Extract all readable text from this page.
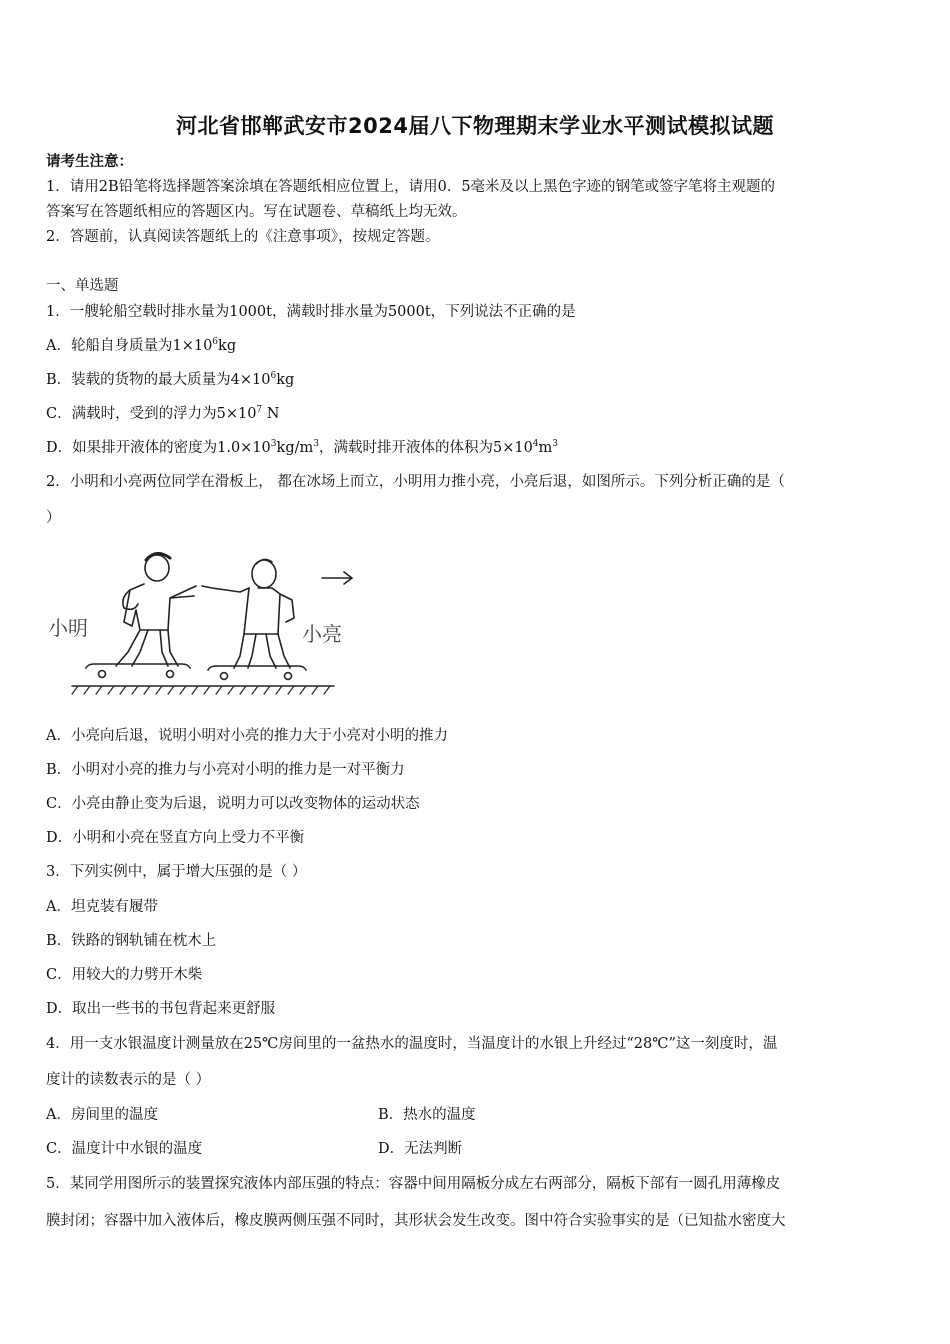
河北省邯郸武安市2024届八下物理期末学业水平测试模拟试题
请考生注意：
1．请用2B铅笔将选择题答案涂填在答题纸相应位置上，请用0．5毫米及以上黑色字迹的钢笔或签字笔将主观题的
答案写在答题纸相应的答题区内。写在试题卷、草稿纸上均无效。
2．答题前，认真阅读答题纸上的《注意事项》，按规定答题。
一、单选题
1．一艘轮船空载时排水量为1000t，满载时排水量为5000t，下列说法不正确的是
A．轮船自身质量为$1\times 10^6kg$
B．装载的货物的最大质量为$4\times 10^6kg$
C．满载时，受到的浮力为$5\times 10^7$ N
D．如果排开液体的密度为$1.0\times 10^3kg/m^3$，满载时排开液体的体积为$5\times 10^4m^3$
2．小明和小亮两位同学在滑板上， 都在冰场上而立，小明用力推小亮，小亮后退，如图所示。下列分析正确的是（
）
小明	小亮
A．小亮向后退，说明小明对小亮的推力大于小亮对小明的推力
B．小明对小亮的推力与小亮对小明的推力是一对平衡力
C．小亮由静止变为后退，说明力可以改变物体的运动状态
D．小明和小亮在竖直方向上受力不平衡
3．下列实例中，属于增大压强的是（ ）
A．坦克装有履带
B．铁路的钢轨铺在枕木上
C．用较大的力劈开木柴
D．取出一些书的书包背起来更舒服
4．用一支水银温度计测量放在25℃房间里的一盆热水的温度时，当温度计的水银上升经过“28℃”这一刻度时，温
度计的读数表示的是（ ）
A．房间里的温度	B．热水的温度
C．温度计中水银的温度	D．无法判断
5．某同学用图所示的装置探究液体内部压强的特点：容器中间用隔板分成左右两部分，隔板下部有一圆孔用薄橡皮
膜封闭；容器中加入液体后，橡皮膜两侧压强不同时，其形状会发生改变。图中符合实验事实的是（已知盐水密度大
